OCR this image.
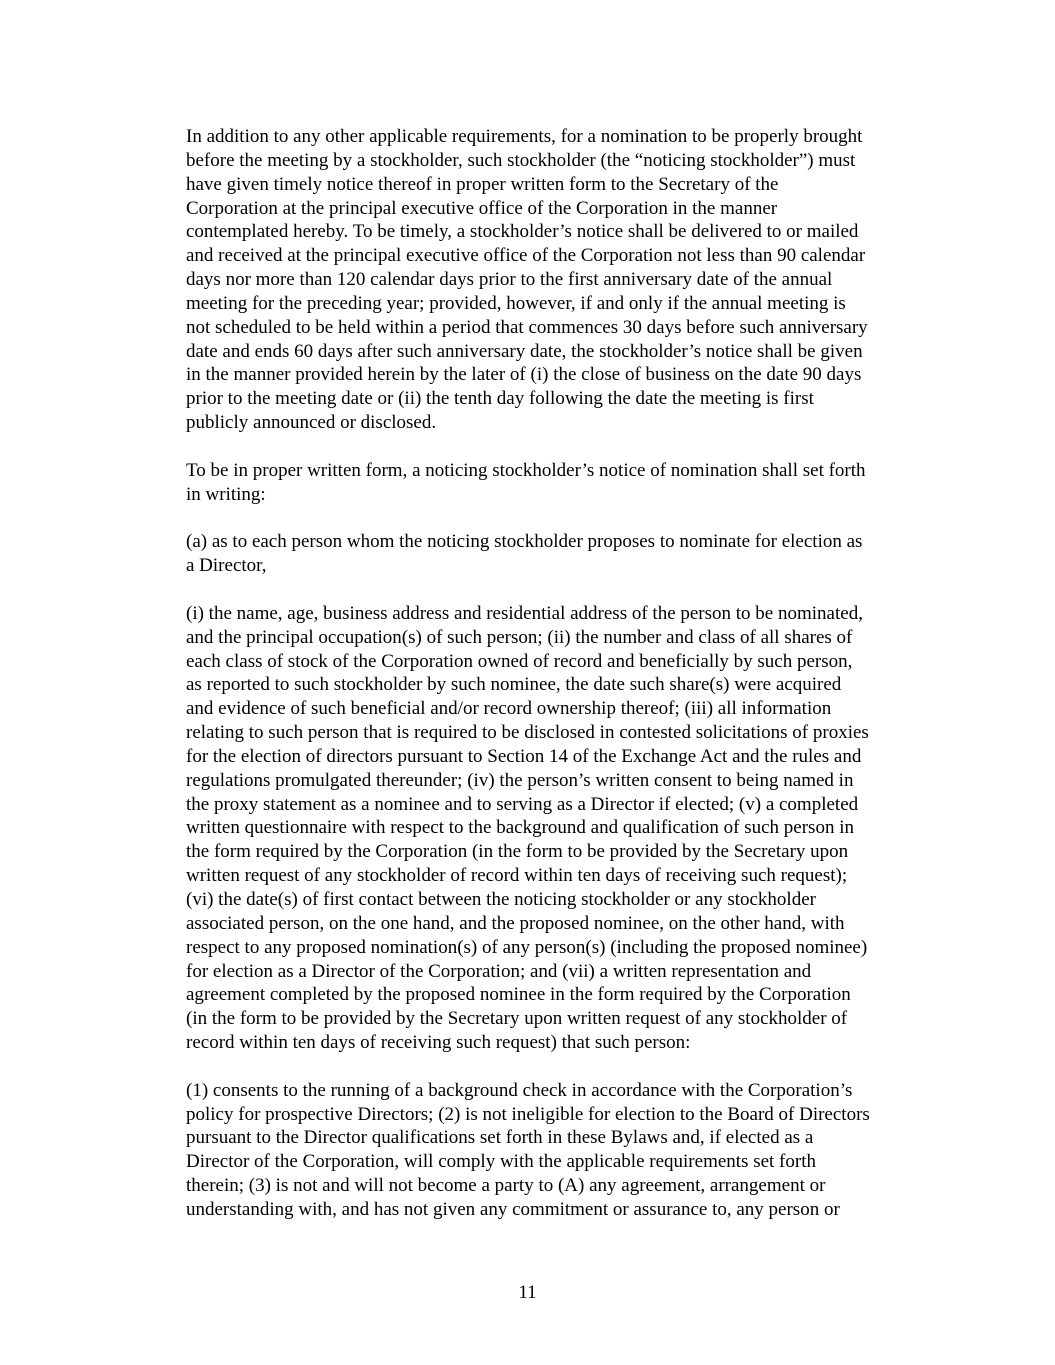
In addition to any other applicable requirements, for a nomination to be properly brought
before the meeting by a stockholder, such stockholder (the “noticing stockholder”) must
have given timely notice thereof in proper written form to the Secretary of the
Corporation at the principal executive office of the Corporation in the manner
contemplated hereby. To be timely, a stockholder’s notice shall be delivered to or mailed
and received at the principal executive office of the Corporation not less than 90 calendar
days nor more than 120 calendar days prior to the first anniversary date of the annual
meeting for the preceding year; provided, however, if and only if the annual meeting is
not scheduled to be held within a period that commences 30 days before such anniversary
date and ends 60 days after such anniversary date, the stockholder’s notice shall be given
in the manner provided herein by the later of (i) the close of business on the date 90 days
prior to the meeting date or (ii) the tenth day following the date the meeting is first
publicly announced or disclosed.

To be in proper written form, a noticing stockholder’s notice of nomination shall set forth
in writing:

(a) as to each person whom the noticing stockholder proposes to nominate for election as
a Director,

(i) the name, age, business address and residential address of the person to be nominated,
and the principal occupation(s) of such person; (ii) the number and class of all shares of
each class of stock of the Corporation owned of record and beneficially by such person,
as reported to such stockholder by such nominee, the date such share(s) were acquired
and evidence of such beneficial and/or record ownership thereof; (iii) all information
relating to such person that is required to be disclosed in contested solicitations of proxies
for the election of directors pursuant to Section 14 of the Exchange Act and the rules and
regulations promulgated thereunder; (iv) the person’s written consent to being named in
the proxy statement as a nominee and to serving as a Director if elected; (v) a completed
written questionnaire with respect to the background and qualification of such person in
the form required by the Corporation (in the form to be provided by the Secretary upon
written request of any stockholder of record within ten days of receiving such request);
(vi) the date(s) of first contact between the noticing stockholder or any stockholder
associated person, on the one hand, and the proposed nominee, on the other hand, with
respect to any proposed nomination(s) of any person(s) (including the proposed nominee)
for election as a Director of the Corporation; and (vii) a written representation and
agreement completed by the proposed nominee in the form required by the Corporation
(in the form to be provided by the Secretary upon written request of any stockholder of
record within ten days of receiving such request) that such person:

(1) consents to the running of a background check in accordance with the Corporation’s
policy for prospective Directors; (2) is not ineligible for election to the Board of Directors
pursuant to the Director qualifications set forth in these Bylaws and, if elected as a
Director of the Corporation, will comply with the applicable requirements set forth
therein; (3) is not and will not become a party to (A) any agreement, arrangement or
understanding with, and has not given any commitment or assurance to, any person or

11
